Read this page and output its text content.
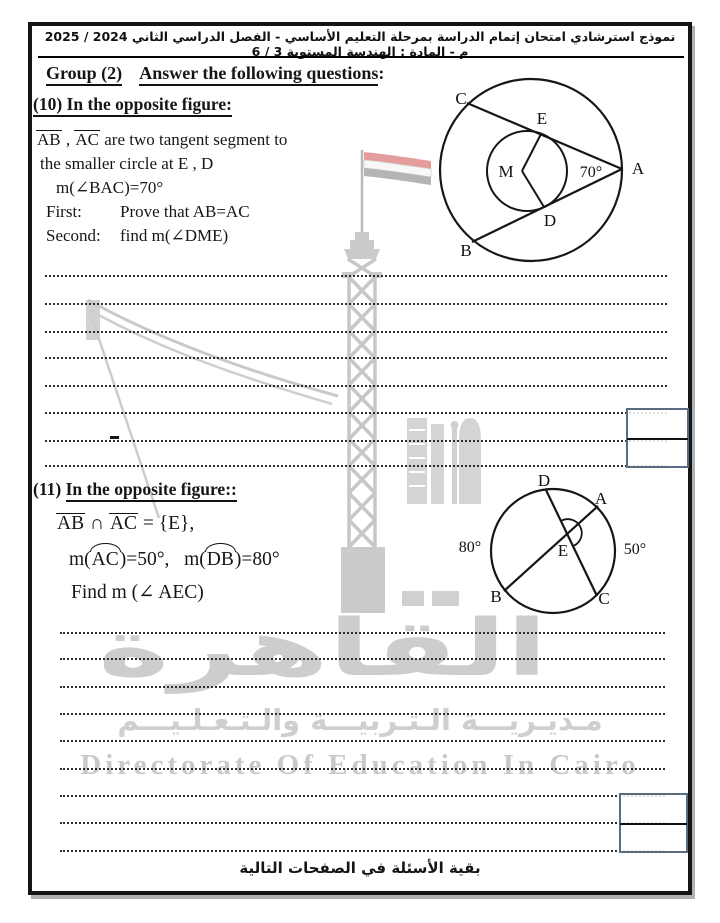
القاهرة
مـديـريـــة الـتـربيـــة والـتـعـلـيـــم
Directorate Of Education In Cairo
نموذج استرشادي امتحان إتمام الدراسة بمرحلة التعليم الأساسي - الفصل الدراسي الثاني 2024 / 2025 م - المادة : الهندسة المستوية 3 / 6
Group (2) Answer the following questions:
(10) In the opposite figure:
AB , AC are two tangent segment to
the smaller circle at E , D
m(∠BAC)=70°
First: Prove that AB=AC
Second: find m(∠DME)
C
E
A
M	70°
D
B
(11) In the opposite figure::
AB ∩ AC = {E},
m(AC)=50°, m(DB)=80°
Find m (∠ AEC)
D
A
E
B	C
80°	50°
بقية الأسئلة في الصفحات التالية
